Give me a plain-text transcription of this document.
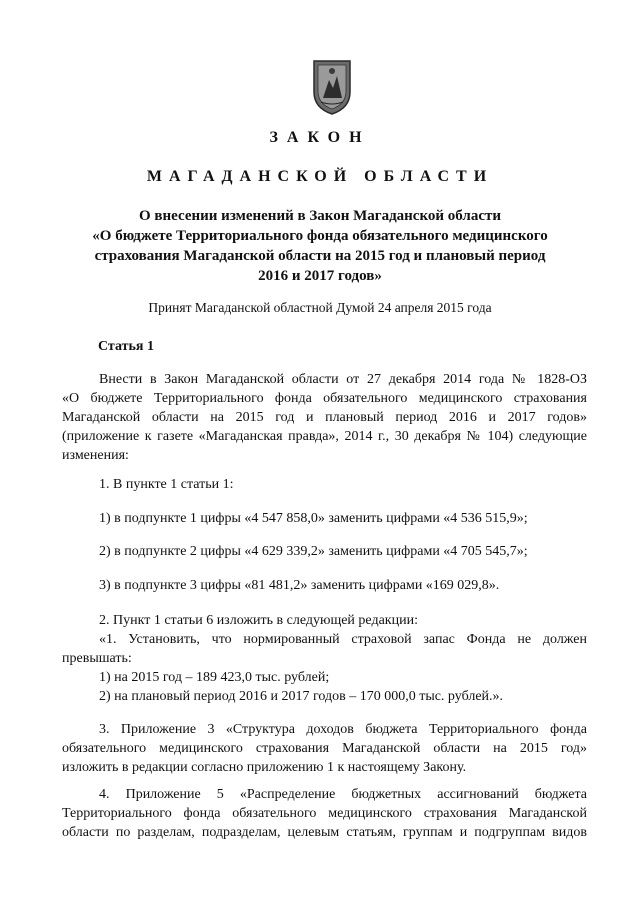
ЗАКОН
МАГАДАНСКОЙ ОБЛАСТИ
О внесении изменений в Закон Магаданской области
«О бюджете Территориального фонда обязательного медицинского
страхования Магаданской области на 2015 год и плановый период
2016 и 2017 годов»

Принят Магаданской областной Думой 24 апреля 2015 года

Статья 1

Внести в Закон Магаданской области от 27 декабря 2014 года № 1828-ОЗ
«О бюджете Территориального фонда обязательного медицинского страхования
Магаданской области на 2015 год и плановый период 2016 и 2017 годов»
(приложение к газете «Магаданская правда», 2014 г., 30 декабря № 104) следующие
изменения:

1. В пункте 1 статьи 1:

1) в подпункте 1 цифры «4 547 858,0» заменить цифрами «4 536 515,9»;

2) в подпункте 2 цифры «4 629 339,2» заменить цифрами «4 705 545,7»;

3) в подпункте 3 цифры «81 481,2» заменить цифрами «169 029,8».

2. Пункт 1 статьи 6 изложить в следующей редакции:

«1. Установить, что нормированный страховой запас Фонда не должен
превышать:

1) на 2015 год – 189 423,0 тыс. рублей;

2) на плановый период 2016 и 2017 годов – 170 000,0 тыс. рублей.».

3. Приложение 3 «Структура доходов бюджета Территориального фонда
обязательного медицинского страхования Магаданской области на 2015 год»
изложить в редакции согласно приложению 1 к настоящему Закону.
4. Приложение 5 «Распределение бюджетных ассигнований бюджета
Территориального фонда обязательного медицинского страхования Магаданской
области по разделам, подразделам, целевым статьям, группам и подгруппам видов
